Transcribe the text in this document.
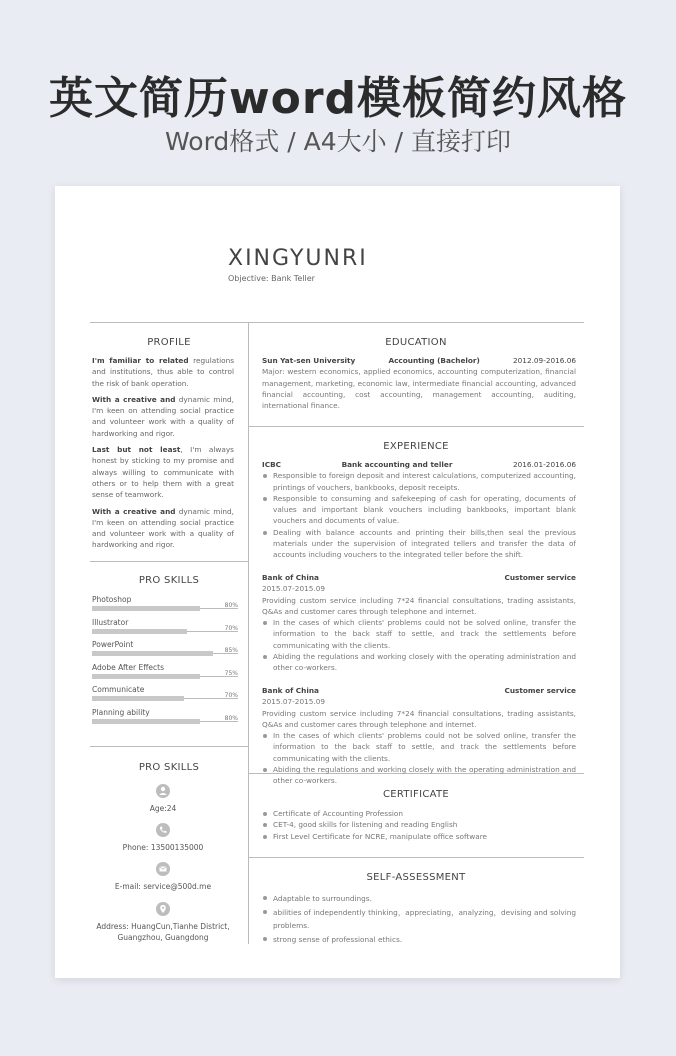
英文简历word模板简约风格
Word格式 / A4大小 / 直接打印
XINGYUNRI
Objective: Bank Teller
PROFILE

I'm familiar to related regulations and institutions, thus able to control the risk of bank operation.

With a creative and dynamic mind, I'm keen on attending social practice and volunteer work with a quality of hardworking and rigor.

Last but not least, I'm always honest by sticking to my promise and always willing to communicate with others or to help them with a great sense of teamwork.

With a creative and dynamic mind, I'm keen on attending social practice and volunteer work with a quality of hardworking and rigor.

PRO SKILLS
Photoshop
80%
Illustrator
70%
PowerPoint
85%
Adobe After Effects
75%
Communicate
70%
Planning ability
80%
PRO SKILLS
Age:24
Phone: 13500135000
E-mail: service@500d.me
Address: HuangCun,Tianhe District, Guangzhou, Guangdong
EDUCATION
Sun Yat-sen University	Accounting (Bachelor)	2012.09-2016.06
Major: western economics, applied economics, accounting computerization, financial management, marketing, economic law, intermediate financial accounting, advanced financial accounting, cost accounting, management accounting, auditing, international finance.
EXPERIENCE
ICBC	Bank accounting and teller	2016.01-2016.06
Responsible to foreign deposit and interest calculations, computerized accounting, printings of vouchers, bankbooks, deposit receipts.
Responsible to consuming and safekeeping of cash for operating, documents of values and important blank vouchers including bankbooks, important blank vouchers and documents of value.
Dealing with balance accounts and printing their bills,then seal the previous materials under the supervision of integrated tellers and transfer the data of accounts including vouchers to the integrated teller before the shift.
Bank of China	Customer service
2015.07-2015.09
Providing custom service including 7*24 financial consultations, trading assistants, Q&As and customer cares through telephone and internet.
In the cases of which clients' problems could not be solved online, transfer the information to the back staff to settle, and track the settlements before communicating with the clients.
Abiding the regulations and working closely with the operating administration and other co-workers.
Bank of China	Customer service
2015.07-2015.09
Providing custom service including 7*24 financial consultations, trading assistants, Q&As and customer cares through telephone and internet.
In the cases of which clients' problems could not be solved online, transfer the information to the back staff to settle, and track the settlements before communicating with the clients.
Abiding the regulations and working closely with the operating administration and other co-workers.
CERTIFICATE
Certificate of Accounting Profession
CET-4, good skills for listening and reading English
First Level Certificate for NCRE, manipulate office software
SELF-ASSESSMENT
Adaptable to surroundings.
abilities of independently thinking，appreciating，analyzing，devising and solving problems.
strong sense of professional ethics.
